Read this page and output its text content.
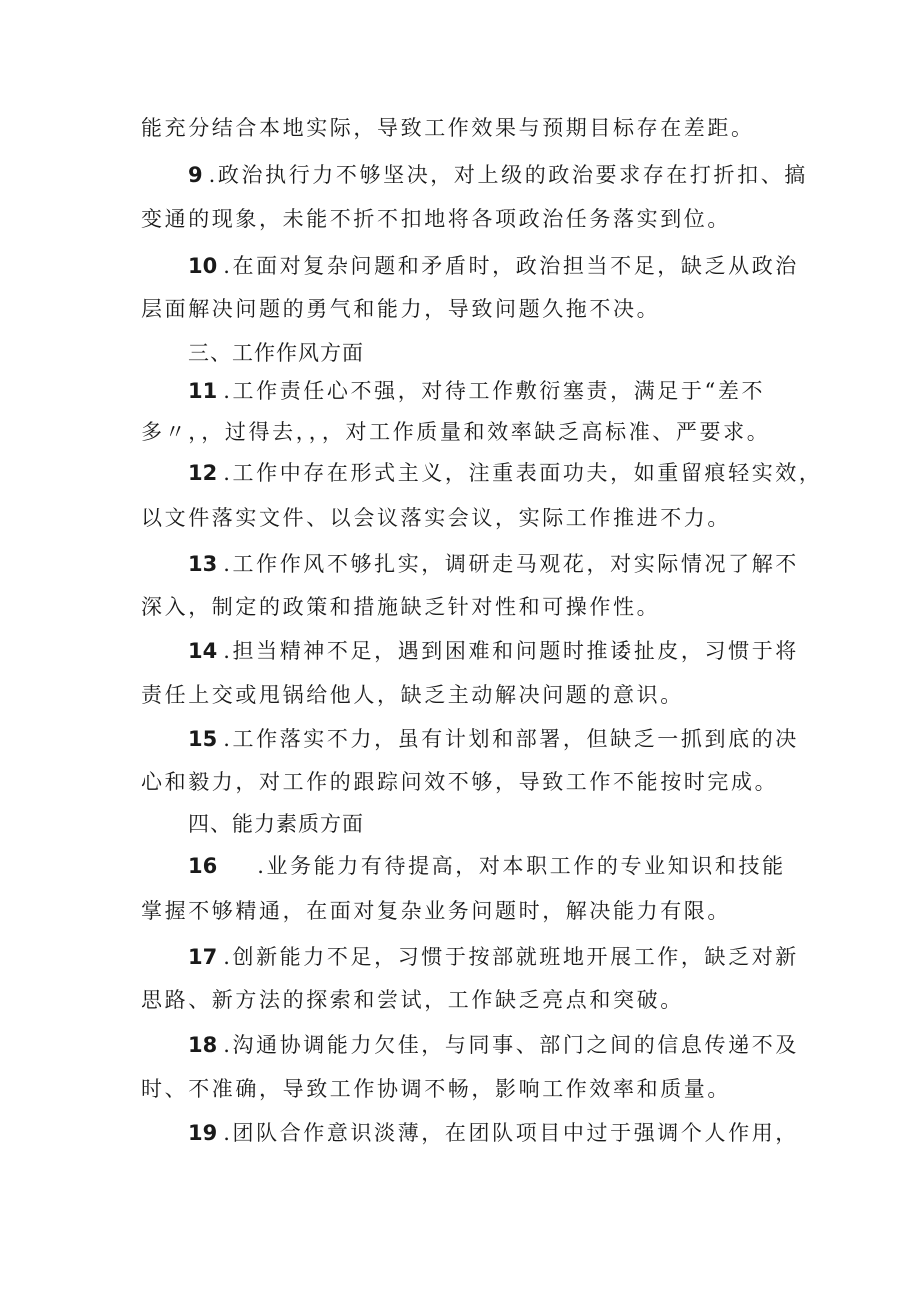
能充分结合本地实际，导致工作效果与预期目标存在差距。
9 .政治执行力不够坚决，对上级的政治要求存在打折扣、搞
变通的现象，未能不折不扣地将各项政治任务落实到位。
10 .在面对复杂问题和矛盾时，政治担当不足，缺乏从政治
层面解决问题的勇气和能力，导致问题久拖不决。
三、工作作风方面
11 .工作责任心不强，对待工作敷衍塞责，满足于“差不
多〃，，过得去，，，对工作质量和效率缺乏高标准、严要求。
12 .工作中存在形式主义，注重表面功夫，如重留痕轻实效，
以文件落实文件、以会议落实会议，实际工作推进不力。
13 .工作作风不够扎实，调研走马观花，对实际情况了解不
深入，制定的政策和措施缺乏针对性和可操作性。
14 .担当精神不足，遇到困难和问题时推诿扯皮，习惯于将
责任上交或甩锅给他人，缺乏主动解决问题的意识。
15 .工作落实不力，虽有计划和部署，但缺乏一抓到底的决
心和毅力，对工作的跟踪问效不够，导致工作不能按时完成。
四、能力素质方面
16 .业务能力有待提高，对本职工作的专业知识和技能
掌握不够精通，在面对复杂业务问题时，解决能力有限。
17 .创新能力不足，习惯于按部就班地开展工作，缺乏对新
思路、新方法的探索和尝试，工作缺乏亮点和突破。
18 .沟通协调能力欠佳，与同事、部门之间的信息传递不及
时、不准确，导致工作协调不畅，影响工作效率和质量。
19 .团队合作意识淡薄，在团队项目中过于强调个人作用，
